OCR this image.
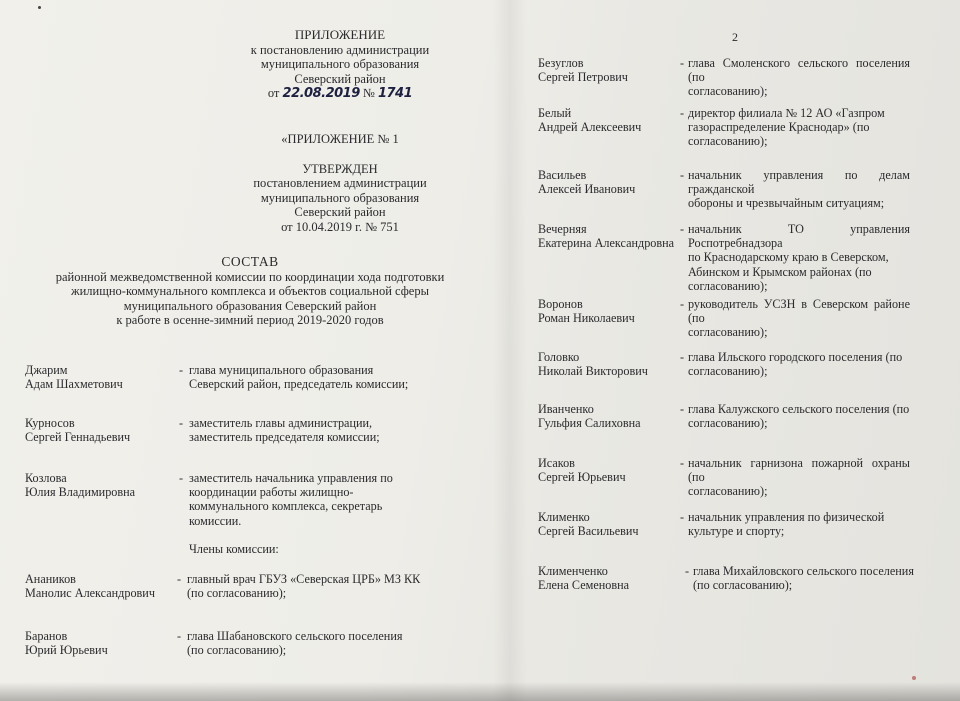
ПРИЛОЖЕНИЕ
к постановлению администрации
муниципального образования
Северский район
от 22.08.2019 № 1741
«ПРИЛОЖЕНИЕ № 1
УТВЕРЖДЕН
постановлением администрации
муниципального образования
Северский район
от 10.04.2019 г. № 751
СОСТАВ
районной межведомственной комиссии по координации хода подготовки
жилищно-коммунального комплекса и объектов социальной сферы
муниципального образования Северский район
к работе в осенне-зимний период 2019-2020 годов
Джарим
Адам Шахметович
- глава муниципального образования
Северский район, председатель комиссии;
Курносов
Сергей Геннадьевич
- заместитель главы администрации,
заместитель председателя комиссии;
Козлова
Юлия Владимировна
- заместитель начальника управления по
координации работы жилищно-
коммунального комплекса, секретарь
комиссии.
Члены комиссии:
Анаников
Манолис Александрович
- главный врач ГБУЗ «Северская ЦРБ» МЗ КК
(по согласованию);
Баранов
Юрий Юрьевич
- глава Шабановского сельского поселения
(по согласованию);
2
Безуглов
Сергей Петрович
- глава Смоленского сельского поселения (по
согласованию);
Белый
Андрей Алексеевич
- директор филиала № 12 АО «Газпром
газораспределение Краснодар» (по
согласованию);
Васильев
Алексей Иванович
- начальник управления по делам гражданской
обороны и чрезвычайным ситуациям;
Вечерняя
Екатерина Александровна
- начальник ТО управления Роспотребнадзора
по Краснодарскому краю в Северском,
Абинском и Крымском районах (по
согласованию);
Воронов
Роман Николаевич
- руководитель УСЗН в Северском районе (по
согласованию);
Головко
Николай Викторович
- глава Ильского городского поселения (по
согласованию);
Иванченко
Гульфия Салиховна
- глава Калужского сельского поселения (по
согласованию);
Исаков
Сергей Юрьевич
- начальник гарнизона пожарной охраны (по
согласованию);
Клименко
Сергей Васильевич
- начальник управления по физической
культуре и спорту;
Клименченко
Елена Семеновна
- глава Михайловского сельского поселения
(по согласованию);
